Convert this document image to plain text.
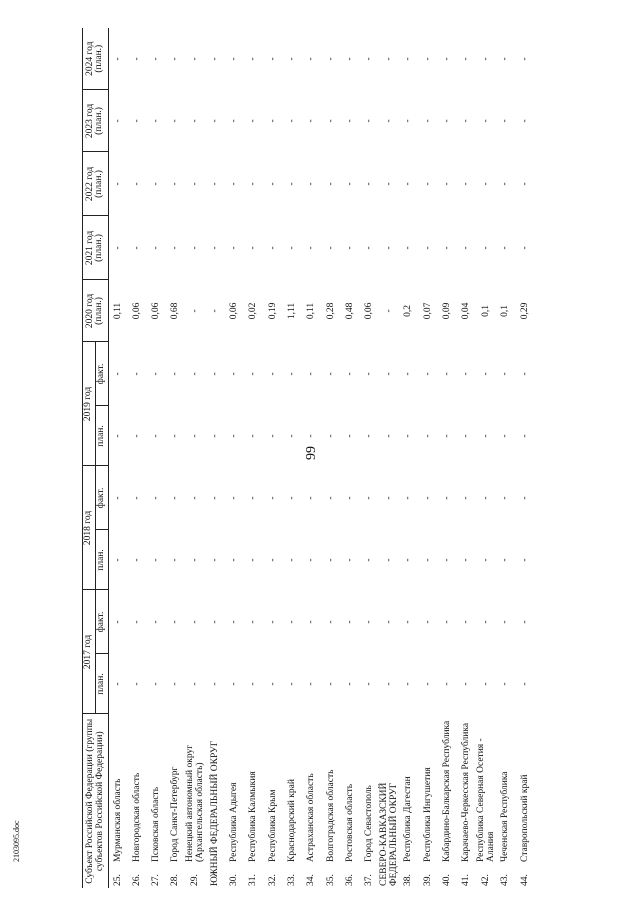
99
Субъект Российской Федерации (группы субъектов Российской Федерации)		2017 год		2018 год		2019 год		2020 год (план.)	2021 год (план.)	2022 год (план.)	2023 год (план.)	2024 год (план.)
		план.	факт.	план.	факт.	план.	факт.					
25.	Мурманская область	-	-	-	-	-	-	0,11	-	-	-	-
26.	Новгородская область	-	-	-	-	-	-	0,06	-	-	-	-
27.	Псковская область	-	-	-	-	-	-	0,06	-	-	-	-
28.	Город Санкт-Петербург	-	-	-	-	-	-	0,68	-	-	-	-
29.	Ненецкий автономный округ (Архангельская область)	-	-	-	-	-	-	-	-	-	-	-
ЮЖНЫЙ ФЕДЕРАЛЬНЫЙ ОКРУГ		-	-	-	-	-	-	-	-	-	-	-
30.	Республика Адыгея	-	-	-	-	-	-	0,06	-	-	-	-
31.	Республика Калмыкия	-	-	-	-	-	-	0,02	-	-	-	-
32.	Республика Крым	-	-	-	-	-	-	0,19	-	-	-	-
33.	Краснодарский край	-	-	-	-	-	-	1,11	-	-	-	-
34.	Астраханская область	-	-	-	-	-	-	0,11	-	-	-	-
35.	Волгоградская область	-	-	-	-	-	-	0,28	-	-	-	-
36.	Ростовская область	-	-	-	-	-	-	0,48	-	-	-	-
37.	Город Севастополь	-	-	-	-	-	-	0,06	-	-	-	-
СЕВЕРО-КАВКАЗСКИЙ ФЕДЕРАЛЬНЫЙ ОКРУГ		-	-	-	-	-	-	-	-	-	-	-
38.	Республика Дагестан	-	-	-	-	-	-	0,2	-	-	-	-
39.	Республика Ингушетия	-	-	-	-	-	-	0,07	-	-	-	-
40.	Кабардино-Балкарская Республика	-	-	-	-	-	-	0,09	-	-	-	-
41.	Карачаево-Черкесская Республика	-	-	-	-	-	-	0,04	-	-	-	-
42.	Республика Северная Осетия - Алания	-	-	-	-	-	-	0,1	-	-	-	-
43.	Чеченская Республика	-	-	-	-	-	-	0,1	-	-	-	-
44.	Ставропольский край	-	-	-	-	-	-	0,29	-	-	-	-
2103095.doc
